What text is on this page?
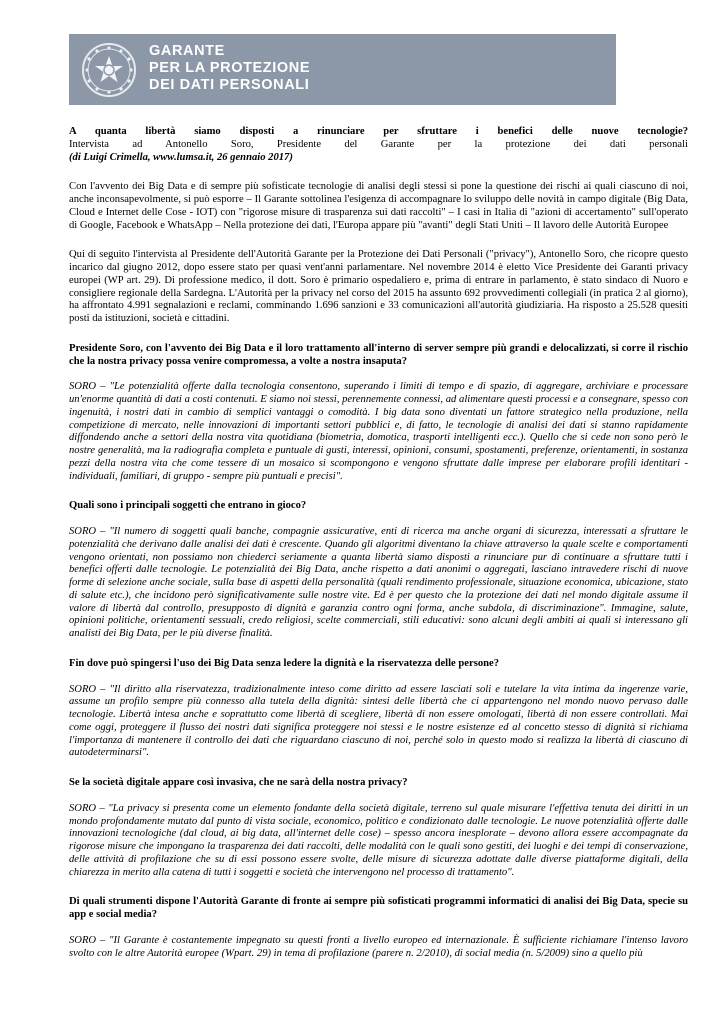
GARANTE
PER LA PROTEZIONE
DEI DATI PERSONALI

A quanta libertà siamo disposti a rinunciare per sfruttare i benefici delle nuove tecnologie?

Intervista ad Antonello Soro, Presidente del Garante per la protezione dei dati personali

(di Luigi Crimella, www.lumsa.it, 26 gennaio 2017)

Con l'avvento dei Big Data e di sempre più sofisticate tecnologie di analisi degli stessi si pone la questione dei rischi ai quali ciascuno di noi, anche inconsapevolmente, si può esporre – Il Garante sottolinea l'esigenza di accompagnare lo sviluppo delle novità in campo digitale (Big Data, Cloud e Internet delle Cose - IOT) con "rigorose misure di trasparenza sui dati raccolti" – I casi in Italia di "azioni di accertamento" sull'operato di Google, Facebook e WhatsApp – Nella protezione dei dati, l'Europa appare più "avanti" degli Stati Uniti – Il lavoro delle Autorità Europee

Qui di seguito l'intervista al Presidente dell'Autorità Garante per la Protezione dei Dati Personali ("privacy"), Antonello Soro, che ricopre questo incarico dal giugno 2012, dopo essere stato per quasi vent'anni parlamentare. Nel novembre 2014 è eletto Vice Presidente dei Garanti privacy europei (WP art. 29). Di professione medico, il dott. Soro è primario ospedaliero e, prima di entrare in parlamento, è stato sindaco di Nuoro e consigliere regionale della Sardegna. L'Autorità per la privacy nel corso del 2015 ha assunto 692 provvedimenti collegiali (in pratica 2 al giorno), ha affrontato 4.991 segnalazioni e reclami, comminando 1.696 sanzioni e 33 comunicazioni all'autorità giudiziaria. Ha risposto a 25.528 quesiti posti da istituzioni, società e cittadini.

Presidente Soro, con l'avvento dei Big Data e il loro trattamento all'interno di server sempre più grandi e delocalizzati, si corre il rischio che la nostra privacy possa venire compromessa, a volte a nostra insaputa?

SORO – "Le potenzialità offerte dalla tecnologia consentono, superando i limiti di tempo e di spazio, di aggregare, archiviare e processare un'enorme quantità di dati a costi contenuti. E siamo noi stessi, perennemente connessi, ad alimentare questi processi e a consegnare, spesso con ingenuità, i nostri dati in cambio di semplici vantaggi o comodità. I big data sono diventati un fattore strategico nella produzione, nella competizione di mercato, nelle innovazioni di importanti settori pubblici e, di fatto, le tecnologie di analisi dei dati si stanno rapidamente diffondendo anche a settori della nostra vita quotidiana (biometria, domotica, trasporti intelligenti ecc.). Quello che si cede non sono però le nostre generalità, ma la radiografia completa e puntuale di gusti, interessi, opinioni, consumi, spostamenti, preferenze, orientamenti, in sostanza pezzi della nostra vita che come tessere di un mosaico si scompongono e vengono sfruttate dalle imprese per elaborare profili identitari - individuali, familiari, di gruppo - sempre più puntuali e precisi".

Quali sono i principali soggetti che entrano in gioco?

SORO – "Il numero di soggetti quali banche, compagnie assicurative, enti di ricerca ma anche organi di sicurezza, interessati a sfruttare le potenzialità che derivano dalle analisi dei dati è crescente. Quando gli algoritmi diventano la chiave attraverso la quale scelte e comportamenti vengono orientati, non possiamo non chiederci seriamente a quanta libertà siamo disposti a rinunciare pur di continuare a sfruttare tutti i benefici offerti dalle tecnologie. Le potenzialità dei Big Data, anche rispetto a dati anonimi o aggregati, lasciano intravedere rischi di nuove forme di selezione anche sociale, sulla base di aspetti della personalità (quali rendimento professionale, situazione economica, ubicazione, stato di salute etc.), che incidono però significativamente sulle nostre vite. Ed è per questo che la protezione dei dati nel mondo digitale assume il valore di libertà dal controllo, presupposto di dignità e garanzia contro ogni forma, anche subdola, di discriminazione". Immagine, salute, opinioni politiche, orientamenti sessuali, credo religiosi, scelte commerciali, stili educativi: sono alcuni degli ambiti ai quali si interessano gli analisti dei Big Data, per le più diverse finalità.

Fin dove può spingersi l'uso dei Big Data senza ledere la dignità e la riservatezza delle persone?

SORO – "Il diritto alla riservatezza, tradizionalmente inteso come diritto ad essere lasciati soli e tutelare la vita intima da ingerenze varie, assume un profilo sempre più connesso alla tutela della dignità: sintesi delle libertà che ci appartengono nel mondo nuovo pervaso dalle tecnologie. Libertà intesa anche e soprattutto come libertà di scegliere, libertà di non essere omologati, libertà di non essere controllati. Mai come oggi, proteggere il flusso dei nostri dati significa proteggere noi stessi e le nostre esistenze ed al concetto stesso di dignità si richiama l'importanza di mantenere il controllo dei dati che riguardano ciascuno di noi, perché solo in questo modo si realizza la libertà di ciascuno di autodeterminarsi".

Se la società digitale appare così invasiva, che ne sarà della nostra privacy?

SORO – "La privacy si presenta come un elemento fondante della società digitale, terreno sul quale misurare l'effettiva tenuta dei diritti in un mondo profondamente mutato dal punto di vista sociale, economico, politico e condizionato dalle tecnologie. Le nuove potenzialità offerte dalle innovazioni tecnologiche (dal cloud, ai big data, all'internet delle cose) – spesso ancora inesplorate – devono allora essere accompagnate da rigorose misure che impongano la trasparenza dei dati raccolti, delle modalità con le quali sono gestiti, dei luoghi e dei tempi di conservazione, delle attività di profilazione che su di essi possono essere svolte, delle misure di sicurezza adottate dalle diverse piattaforme digitali, della chiarezza in merito alla catena di tutti i soggetti e società che intervengono nel processo di trattamento".

Di quali strumenti dispone l'Autorità Garante di fronte ai sempre più sofisticati programmi informatici di analisi dei Big Data, specie su app e social media?

SORO – "Il Garante è costantemente impegnato su questi fronti a livello europeo ed internazionale. È sufficiente richiamare l'intenso lavoro svolto con le altre Autorità europee (Wpart. 29) in tema di profilazione (parere n. 2/2010), di social media (n. 5/2009) sino a quello più
